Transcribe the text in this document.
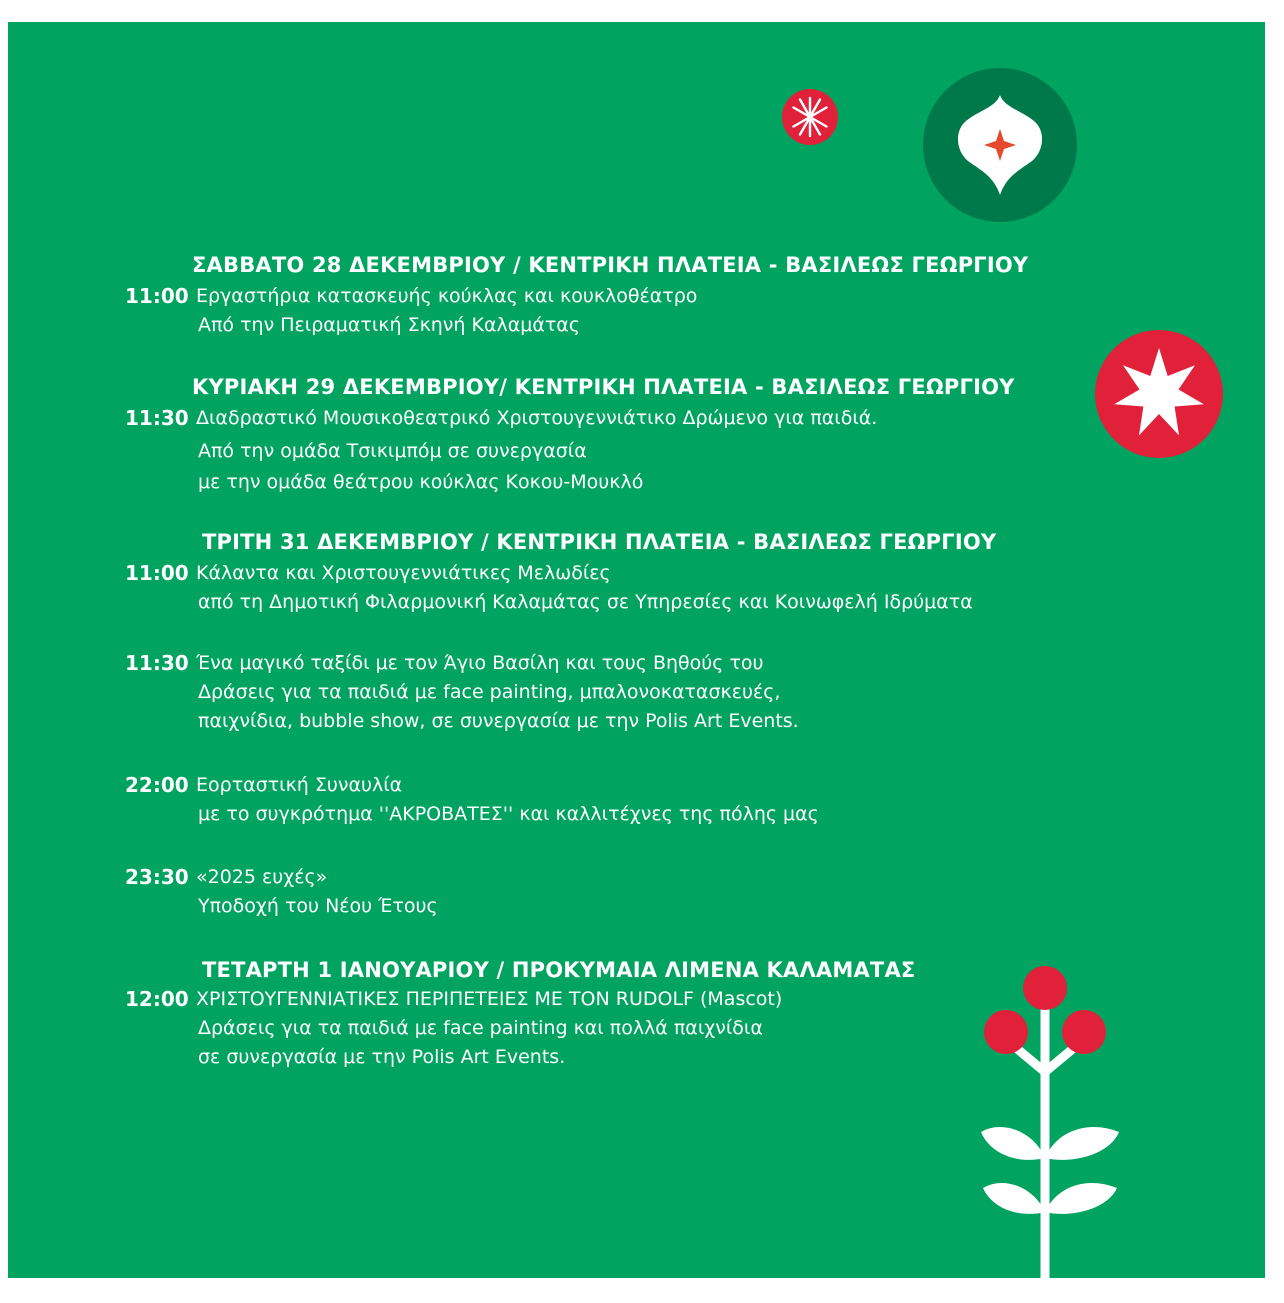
ΣΑΒΒΑΤΟ 28 ΔΕΚΕΜΒΡΙΟΥ / ΚΕΝΤΡΙΚΗ ΠΛΑΤΕΙΑ - ΒΑΣΙΛΕΩΣ ΓΕΩΡΓΙΟΥ
11:00 Εργαστήρια κατασκευής κούκλας και κουκλοθέατρο
Από την Πειραματική Σκηνή Καλαμάτας
ΚΥΡΙΑΚΗ 29 ΔΕΚΕΜΒΡΙΟΥ/ ΚΕΝΤΡΙΚΗ ΠΛΑΤΕΙΑ - ΒΑΣΙΛΕΩΣ ΓΕΩΡΓΙΟΥ
11:30 Διαδραστικό Μουσικοθεατρικό Χριστουγεννιάτικο Δρώμενο για παιδιά.
Από την ομάδα Τσικιμπόμ σε συνεργασία
με την ομάδα θεάτρου κούκλας Κοκου-Μουκλό
ΤΡΙΤΗ 31 ΔΕΚΕΜΒΡΙΟΥ / ΚΕΝΤΡΙΚΗ ΠΛΑΤΕΙΑ - ΒΑΣΙΛΕΩΣ ΓΕΩΡΓΙΟΥ
11:00 Κάλαντα και Χριστουγεννιάτικες Μελωδίες
από τη Δημοτική Φιλαρμονική Καλαμάτας σε Υπηρεσίες και Κοινωφελή Ιδρύματα
11:30 Ένα μαγικό ταξίδι με τον Άγιο Βασίλη και τους Βηθούς του
Δράσεις για τα παιδιά με face painting, μπαλονοκατασκευές,
παιχνίδια, bubble show, σε συνεργασία με την Polis Art Events.
22:00 Εορταστική Συναυλία
με το συγκρότημα ''ΑΚΡΟΒΑΤΕΣ'' και καλλιτέχνες της πόλης μας
23:30 «2025 ευχές»
Υποδοχή του Νέου Έτους
ΤΕΤΑΡΤΗ 1 ΙΑΝΟΥΑΡΙΟΥ / ΠΡΟΚΥΜΑΙΑ ΛΙΜΕΝΑ ΚΑΛΑΜΑΤΑΣ
12:00 ΧΡΙΣΤΟΥΓΕΝΝΙΑΤΙΚΕΣ ΠΕΡΙΠΕΤΕΙΕΣ ΜΕ ΤΟΝ RUDOLF (Mascot)
Δράσεις για τα παιδιά με face painting και πολλά παιχνίδια
σε συνεργασία με την Polis Art Events.
